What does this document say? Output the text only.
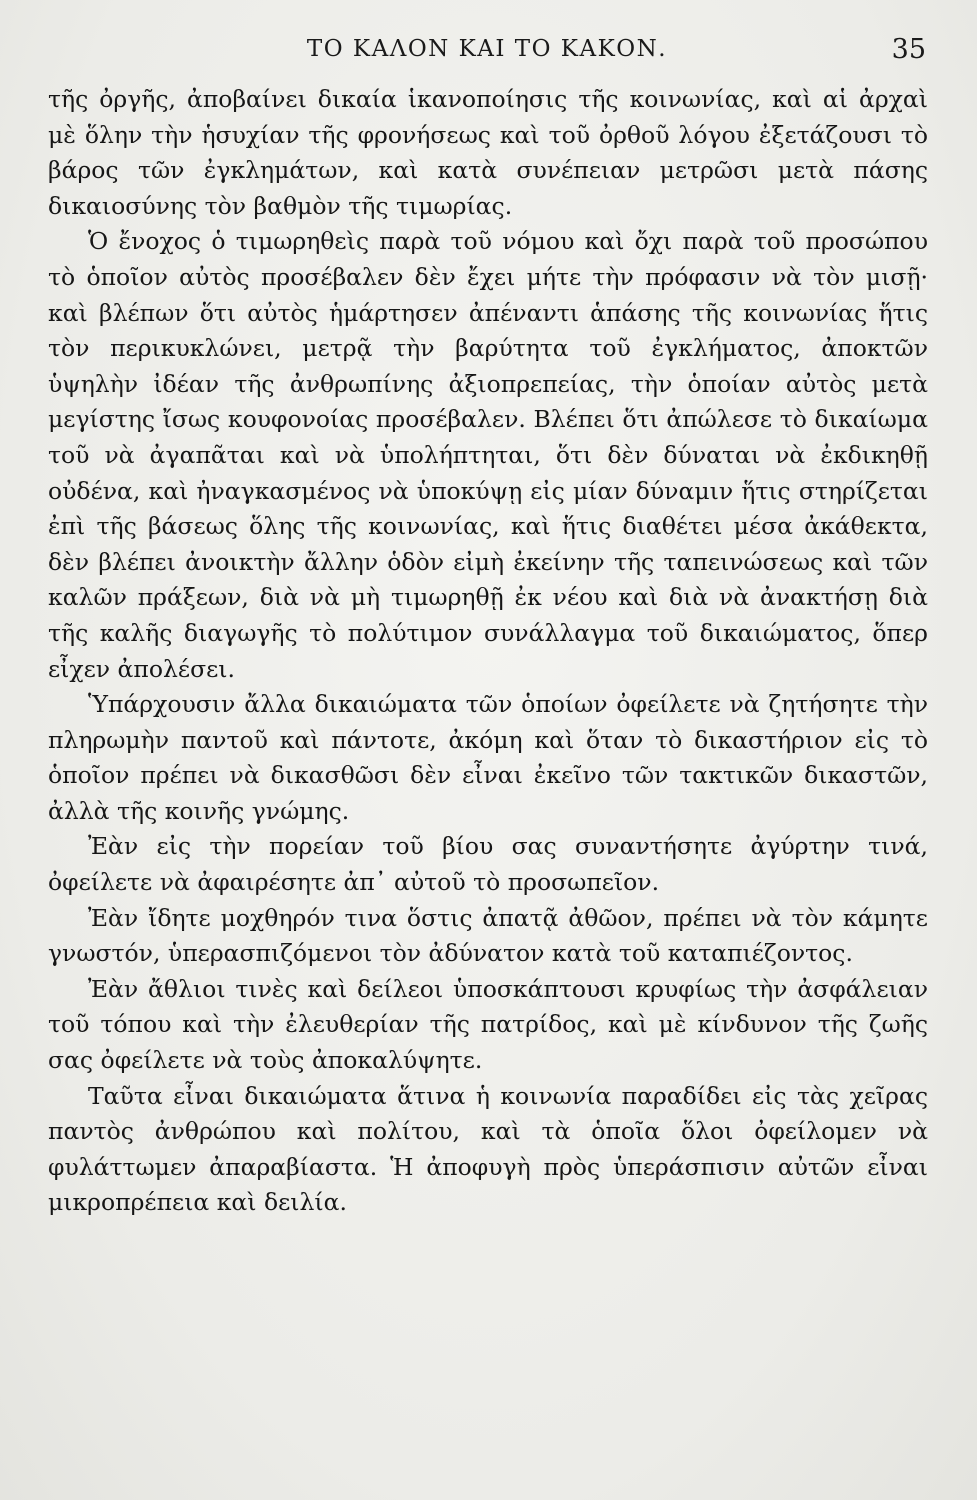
ΤΟ ΚΑΛΟΝ ΚΑΙ ΤΟ ΚΑΚΟΝ.	35

τῆς ὀργῆς, ἀποβαίνει δικαία ἱκανοποίησις τῆς κοινωνίας, καὶ αἱ ἀρχαὶ μὲ ὅλην τὴν ἡσυχίαν τῆς φρονήσεως καὶ τοῦ ὀρθοῦ λόγου ἐξετάζουσι τὸ βάρος τῶν ἐγκλημάτων, καὶ κατὰ συνέπειαν μετρῶσι μετὰ πάσης δικαιοσύνης τὸν βαθμὸν τῆς τιμωρίας.

Ὁ ἔνοχος ὁ τιμωρηθεὶς παρὰ τοῦ νόμου καὶ ὄχι παρὰ τοῦ προσώπου τὸ ὁποῖον αὐτὸς προσέβαλεν δὲν ἔχει μήτε τὴν πρόφασιν νὰ τὸν μισῇ· καὶ βλέπων ὅτι αὐτὸς ἡμάρτησεν ἀπέναντι ἁπάσης τῆς κοινωνίας ἥτις τὸν περικυκλώνει, μετρᾷ τὴν βαρύτητα τοῦ ἐγκλήματος, ἀποκτῶν ὑψηλὴν ἰδέαν τῆς ἀνθρωπίνης ἀξιοπρεπείας, τὴν ὁποίαν αὐτὸς μετὰ μεγίστης ἴσως κουφονοίας προσέβαλεν. Βλέπει ὅτι ἀπώλεσε τὸ δικαίωμα τοῦ νὰ ἀγαπᾶται καὶ νὰ ὑπολήπτηται, ὅτι δὲν δύναται νὰ ἐκδικηθῇ οὐδένα, καὶ ἠναγκασμένος νὰ ὑποκύψῃ εἰς μίαν δύναμιν ἥτις στηρίζεται ἐπὶ τῆς βάσεως ὅλης τῆς κοινωνίας, καὶ ἥτις διαθέτει μέσα ἀκάθεκτα, δὲν βλέπει ἀνοικτὴν ἄλλην ὁδὸν εἰμὴ ἐκείνην τῆς ταπεινώσεως καὶ τῶν καλῶν πράξεων, διὰ νὰ μὴ τιμωρηθῇ ἐκ νέου καὶ διὰ νὰ ἀνακτήσῃ διὰ τῆς καλῆς διαγωγῆς τὸ πολύτιμον συνάλλαγμα τοῦ δικαιώματος, ὅπερ εἶχεν ἀπολέσει.

Ὑπάρχουσιν ἄλλα δικαιώματα τῶν ὁποίων ὀφείλετε νὰ ζητήσητε τὴν πληρωμὴν παντοῦ καὶ πάντοτε, ἀκόμη καὶ ὅταν τὸ δικαστήριον εἰς τὸ ὁποῖον πρέπει νὰ δικασθῶσι δὲν εἶναι ἐκεῖνο τῶν τακτικῶν δικαστῶν, ἀλλὰ τῆς κοινῆς γνώμης.

Ἐὰν εἰς τὴν πορείαν τοῦ βίου σας συναντήσητε ἀγύρτην τινά, ὀφείλετε νὰ ἀφαιρέσητε ἀπ᾽ αὐτοῦ τὸ προσωπεῖον.

Ἐὰν ἴδητε μοχθηρόν τινα ὅστις ἀπατᾷ ἀθῶον, πρέπει νὰ τὸν κάμητε γνωστόν, ὑπερασπιζόμενοι τὸν ἀδύνατον κατὰ τοῦ καταπιέζοντος.

Ἐὰν ἄθλιοι τινὲς καὶ δείλεοι ὑποσκάπτουσι κρυφίως τὴν ἀσφάλειαν τοῦ τόπου καὶ τὴν ἐλευθερίαν τῆς πατρίδος, καὶ μὲ κίνδυνον τῆς ζωῆς σας ὀφείλετε νὰ τοὺς ἀποκαλύψητε.

Ταῦτα εἶναι δικαιώματα ἅτινα ἡ κοινωνία παραδίδει εἰς τὰς χεῖρας παντὸς ἀνθρώπου καὶ πολίτου, καὶ τὰ ὁποῖα ὅλοι ὀφείλομεν νὰ φυλάττωμεν ἀπαραβίαστα. Ἡ ἀποφυγὴ πρὸς ὑπεράσπισιν αὐτῶν εἶναι μικροπρέπεια καὶ δειλία.
